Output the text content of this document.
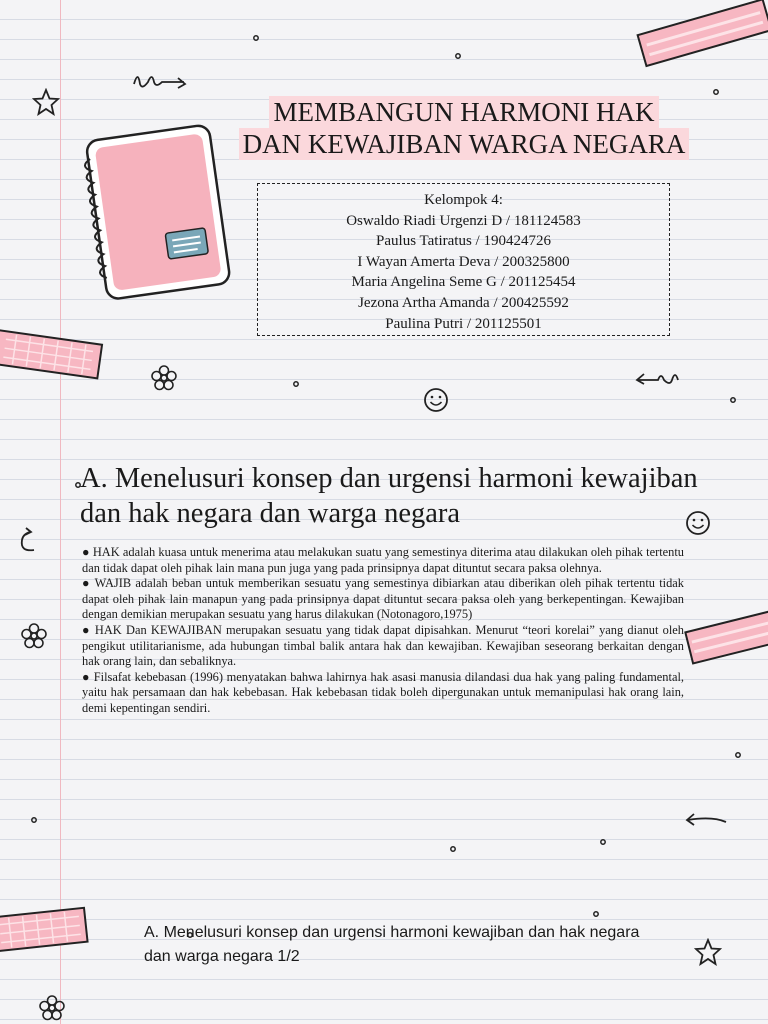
MEMBANGUN HARMONI HAK
DAN KEWAJIBAN WARGA NEGARA
Kelompok 4:
Oswaldo Riadi Urgenzi D / 181124583
Paulus Tatiratus / 190424726
I Wayan Amerta Deva / 200325800
Maria Angelina Seme G / 201125454
Jezona Artha Amanda / 200425592
Paulina Putri / 201125501
A. Menelusuri konsep dan urgensi harmoni kewajiban dan hak negara dan warga negara

● HAK adalah kuasa untuk menerima atau melakukan suatu yang semestinya diterima atau dilakukan oleh pihak tertentu dan tidak dapat oleh pihak lain mana pun juga yang pada prinsipnya dapat dituntut secara paksa olehnya.

● WAJIB adalah beban untuk memberikan sesuatu yang semestinya dibiarkan atau diberikan oleh pihak tertentu tidak dapat oleh pihak lain manapun yang pada prinsipnya dapat dituntut secara paksa oleh yang berkepentingan. Kewajiban dengan demikian merupakan sesuatu yang harus dilakukan (Notonagoro,1975)

● HAK Dan KEWAJIBAN merupakan sesuatu yang tidak dapat dipisahkan. Menurut “teori korelai” yang dianut oleh pengikut utilitarianisme, ada hubungan timbal balik antara hak dan kewajiban. Kewajiban seseorang berkaitan dengan hak orang lain, dan sebaliknya.

● Filsafat kebebasan (1996) menyatakan bahwa lahirnya hak asasi manusia dilandasi dua hak yang paling fundamental, yaitu hak persamaan dan hak kebebasan. Hak kebebasan tidak boleh dipergunakan untuk memanipulasi hak orang lain, demi kepentingan sendiri.

A. Menelusuri konsep dan urgensi harmoni kewajiban dan hak negara dan warga negara 1/2
